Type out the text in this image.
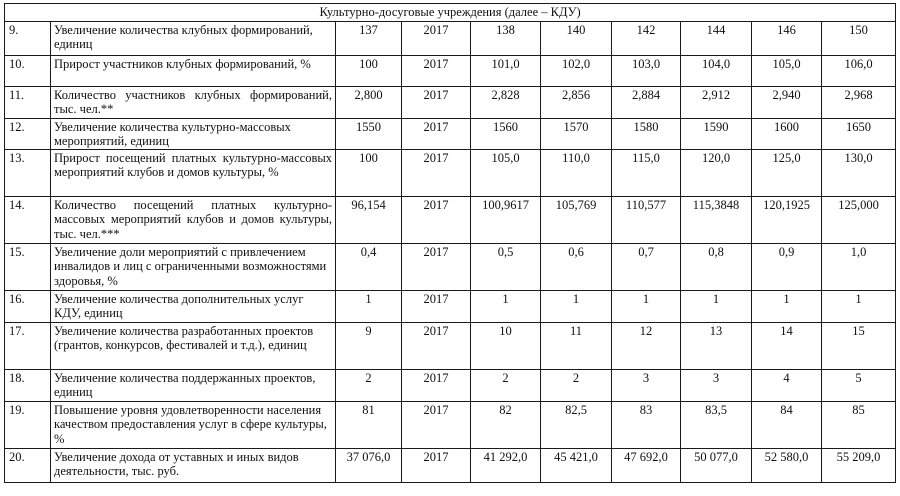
Культурно-досуговые учреждения (далее – КДУ)									
9.	Увеличение количества клубных формирований, единиц	137	2017	138	140	142	144	146	150
10.	Прирост участников клубных формирований, %	100	2017	101,0	102,0	103,0	104,0	105,0	106,0
11.	Количество участников клубных формирований, тыс. чел.**	2,800	2017	2,828	2,856	2,884	2,912	2,940	2,968
12.	Увеличение количества культурно-массовых мероприятий, единиц	1550	2017	1560	1570	1580	1590	1600	1650
13.	Прирост посещений платных культурно-массовых мероприятий клубов и домов культуры, %	100	2017	105,0	110,0	115,0	120,0	125,0	130,0
14.	Количество посещений платных культурно-массовых мероприятий клубов и домов культуры, тыс. чел.***	96,154	2017	100,9617	105,769	110,577	115,3848	120,1925	125,000
15.	Увеличение доли мероприятий с привлечением инвалидов и лиц с ограниченными возможностями здоровья, %	0,4	2017	0,5	0,6	0,7	0,8	0,9	1,0
16.	Увеличение количества дополнительных услуг КДУ, единиц	1	2017	1	1	1	1	1	1
17.	Увеличение количества разработанных проектов (грантов, конкурсов, фестивалей и т.д.), единиц	9	2017	10	11	12	13	14	15
18.	Увеличение количества поддержанных проектов, единиц	2	2017	2	2	3	3	4	5
19.	Повышение уровня удовлетворенности населения качеством предоставления услуг в сфере культуры, %	81	2017	82	82,5	83	83,5	84	85
20.	Увеличение дохода от уставных и иных видов деятельности, тыс. руб.	37 076,0	2017	41 292,0	45 421,0	47 692,0	50 077,0	52 580,0	55 209,0
